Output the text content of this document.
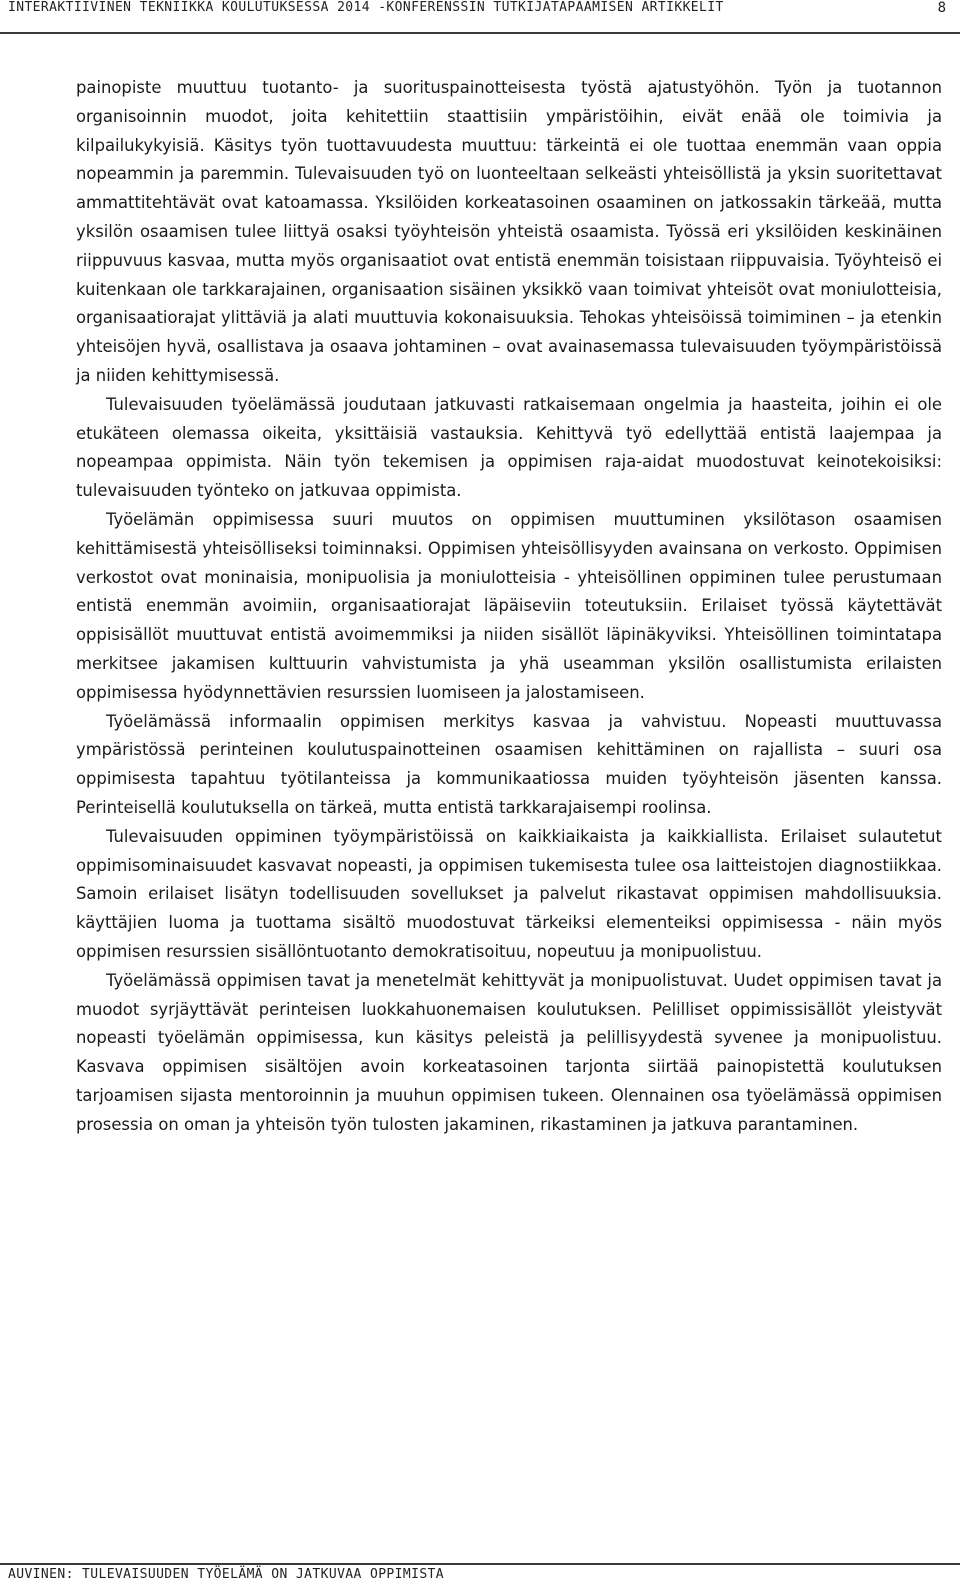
INTERAKTIIVINEN TEKNIIKKA KOULUTUKSESSA 2014 -KONFERENSSIN TUTKIJATAPAAMISEN ARTIKKELIT	8

painopiste muuttuu tuotanto- ja suorituspainotteisesta työstä ajatustyöhön. Työn ja tuotannon organisoinnin muodot, joita kehitettiin staattisiin ympäristöihin, eivät enää ole toimivia ja kilpailukykyisiä. Käsitys työn tuottavuudesta muuttuu: tärkeintä ei ole tuottaa enemmän vaan oppia nopeammin ja paremmin. Tulevaisuuden työ on luonteeltaan selkeästi yhteisöllistä ja yksin suoritettavat ammattitehtävät ovat katoamassa. Yksilöiden korkeatasoinen osaaminen on jatkossakin tärkeää, mutta yksilön osaamisen tulee liittyä osaksi työyhteisön yhteistä osaamista. Työssä eri yksilöiden keskinäinen riippuvuus kasvaa, mutta myös organisaatiot ovat entistä enemmän toisistaan riippuvaisia. Työyhteisö ei kuitenkaan ole tarkkarajainen, organisaation sisäinen yksikkö vaan toimivat yhteisöt ovat moniulotteisia, organisaatiorajat ylittäviä ja alati muuttuvia kokonaisuuksia. Tehokas yhteisöissä toimiminen – ja etenkin yhteisöjen hyvä, osallistava ja osaava johtaminen – ovat avainasemassa tulevaisuuden työympäristöissä ja niiden kehittymisessä.

Tulevaisuuden työelämässä joudutaan jatkuvasti ratkaisemaan ongelmia ja haasteita, joihin ei ole etukäteen olemassa oikeita, yksittäisiä vastauksia. Kehittyvä työ edellyttää entistä laajempaa ja nopeampaa oppimista. Näin työn tekemisen ja oppimisen raja-aidat muodostuvat keinotekoisiksi: tulevaisuuden työnteko on jatkuvaa oppimista.

Työelämän oppimisessa suuri muutos on oppimisen muuttuminen yksilötason osaamisen kehittämisestä yhteisölliseksi toiminnaksi. Oppimisen yhteisöllisyyden avainsana on verkosto. Oppimisen verkostot ovat moninaisia, monipuolisia ja moniulotteisia - yhteisöllinen oppiminen tulee perustumaan entistä enemmän avoimiin, organisaatiorajat läpäiseviin toteutuksiin. Erilaiset työssä käytettävät oppisisällöt muuttuvat entistä avoimemmiksi ja niiden sisällöt läpinäkyviksi. Yhteisöllinen toimintatapa merkitsee jakamisen kulttuurin vahvistumista ja yhä useamman yksilön osallistumista erilaisten oppimisessa hyödynnettävien resurssien luomiseen ja jalostamiseen.

Työelämässä informaalin oppimisen merkitys kasvaa ja vahvistuu. Nopeasti muuttuvassa ympäristössä perinteinen koulutuspainotteinen osaamisen kehittäminen on rajallista – suuri osa oppimisesta tapahtuu työtilanteissa ja kommunikaatiossa muiden työyhteisön jäsenten kanssa. Perinteisellä koulutuksella on tärkeä, mutta entistä tarkkarajaisempi roolinsa.

Tulevaisuuden oppiminen työympäristöissä on kaikkiaikaista ja kaikkiallista. Erilaiset sulautetut oppimisominaisuudet kasvavat nopeasti, ja oppimisen tukemisesta tulee osa laitteistojen diagnostiikkaa. Samoin erilaiset lisätyn todellisuuden sovellukset ja palvelut rikastavat oppimisen mahdollisuuksia. käyttäjien luoma ja tuottama sisältö muodostuvat tärkeiksi elementeiksi oppimisessa - näin myös oppimisen resurssien sisällöntuotanto demokratisoituu, nopeutuu ja monipuolistuu.

Työelämässä oppimisen tavat ja menetelmät kehittyvät ja monipuolistuvat. Uudet oppimisen tavat ja muodot syrjäyttävät perinteisen luokkahuonemaisen koulutuksen. Pelilliset oppimissisällöt yleistyvät nopeasti työelämän oppimisessa, kun käsitys peleistä ja pelillisyydestä syvenee ja monipuolistuu. Kasvava oppimisen sisältöjen avoin korkeatasoinen tarjonta siirtää painopistettä koulutuksen tarjoamisen sijasta mentoroinnin ja muuhun oppimisen tukeen. Olennainen osa työelämässä oppimisen prosessia on oman ja yhteisön työn tulosten jakaminen, rikastaminen ja jatkuva parantaminen.

AUVINEN: TULEVAISUUDEN TYÖELÄMÄ ON JATKUVAA OPPIMISTA
